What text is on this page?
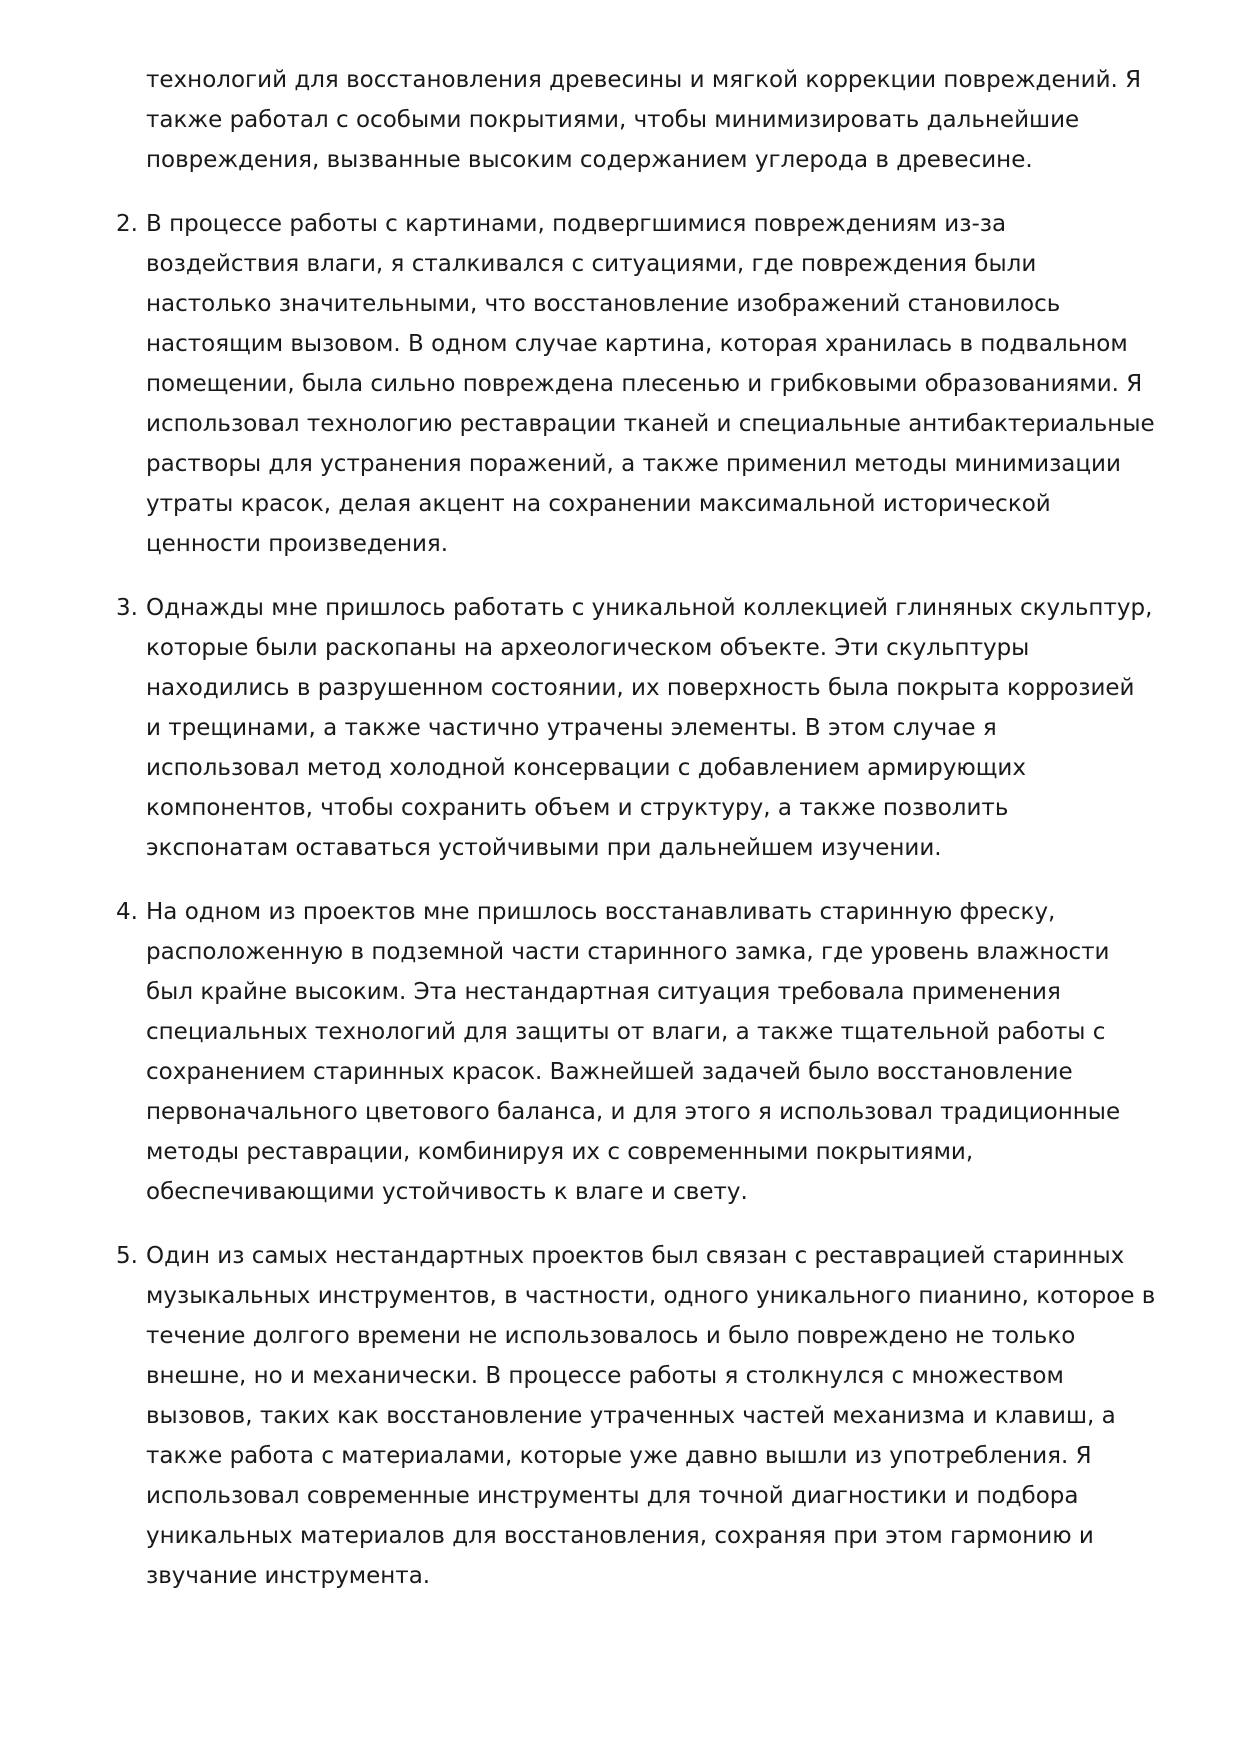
технологий для восстановления древесины и мягкой коррекции повреждений. Я также работал с особыми покрытиями, чтобы минимизировать дальнейшие повреждения, вызванные высоким содержанием углерода в древесине.
2. В процессе работы с картинами, подвергшимися повреждениям из-за воздействия влаги, я сталкивался с ситуациями, где повреждения были настолько значительными, что восстановление изображений становилось настоящим вызовом. В одном случае картина, которая хранилась в подвальном помещении, была сильно повреждена плесенью и грибковыми образованиями. Я использовал технологию реставрации тканей и специальные антибактериальные растворы для устранения поражений, а также применил методы минимизации утраты красок, делая акцент на сохранении максимальной исторической ценности произведения.
3. Однажды мне пришлось работать с уникальной коллекцией глиняных скульптур, которые были раскопаны на археологическом объекте. Эти скульптуры находились в разрушенном состоянии, их поверхность была покрыта коррозией и трещинами, а также частично утрачены элементы. В этом случае я использовал метод холодной консервации с добавлением армирующих компонентов, чтобы сохранить объем и структуру, а также позволить экспонатам оставаться устойчивыми при дальнейшем изучении.
4. На одном из проектов мне пришлось восстанавливать старинную фреску, расположенную в подземной части старинного замка, где уровень влажности был крайне высоким. Эта нестандартная ситуация требовала применения специальных технологий для защиты от влаги, а также тщательной работы с сохранением старинных красок. Важнейшей задачей было восстановление первоначального цветового баланса, и для этого я использовал традиционные методы реставрации, комбинируя их с современными покрытиями, обеспечивающими устойчивость к влаге и свету.
5. Один из самых нестандартных проектов был связан с реставрацией старинных музыкальных инструментов, в частности, одного уникального пианино, которое в течение долгого времени не использовалось и было повреждено не только внешне, но и механически. В процессе работы я столкнулся с множеством вызовов, таких как восстановление утраченных частей механизма и клавиш, а также работа с материалами, которые уже давно вышли из употребления. Я использовал современные инструменты для точной диагностики и подбора уникальных материалов для восстановления, сохраняя при этом гармонию и звучание инструмента.
